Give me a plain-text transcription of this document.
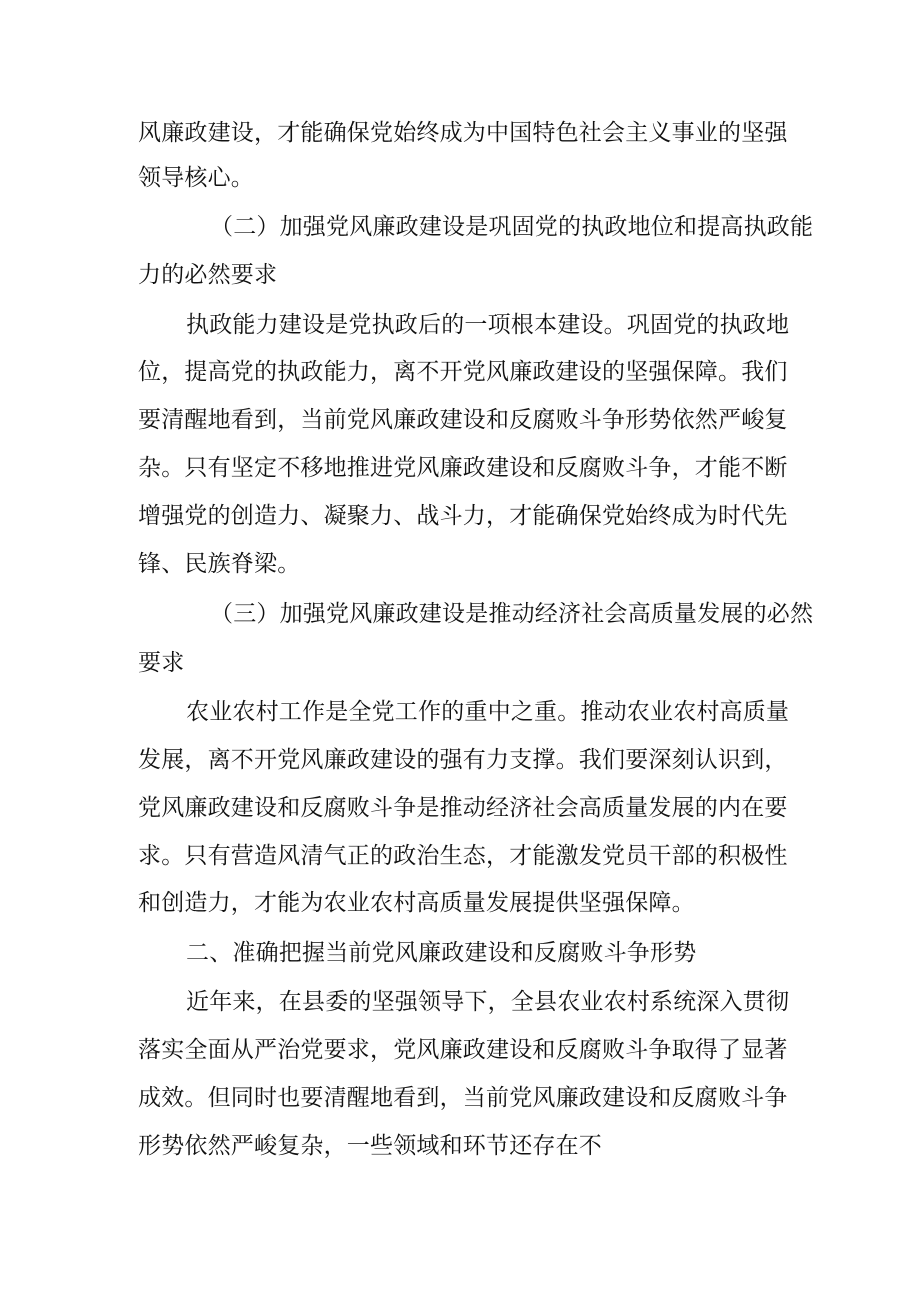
风廉政建设，才能确保党始终成为中国特色社会主义事业的坚强
领导核心。
（二）加强党风廉政建设是巩固党的执政地位和提高执政能
力的必然要求
执政能力建设是党执政后的一项根本建设。巩固党的执政地
位，提高党的执政能力，离不开党风廉政建设的坚强保障。我们
要清醒地看到，当前党风廉政建设和反腐败斗争形势依然严峻复
杂。只有坚定不移地推进党风廉政建设和反腐败斗争，才能不断
增强党的创造力、凝聚力、战斗力，才能确保党始终成为时代先
锋、民族脊梁。
（三）加强党风廉政建设是推动经济社会高质量发展的必然
要求
农业农村工作是全党工作的重中之重。推动农业农村高质量
发展，离不开党风廉政建设的强有力支撑。我们要深刻认识到，
党风廉政建设和反腐败斗争是推动经济社会高质量发展的内在要
求。只有营造风清气正的政治生态，才能激发党员干部的积极性
和创造力，才能为农业农村高质量发展提供坚强保障。
二、准确把握当前党风廉政建设和反腐败斗争形势
近年来，在县委的坚强领导下，全县农业农村系统深入贯彻
落实全面从严治党要求，党风廉政建设和反腐败斗争取得了显著
成效。但同时也要清醒地看到，当前党风廉政建设和反腐败斗争
形势依然严峻复杂，一些领域和环节还存在不
